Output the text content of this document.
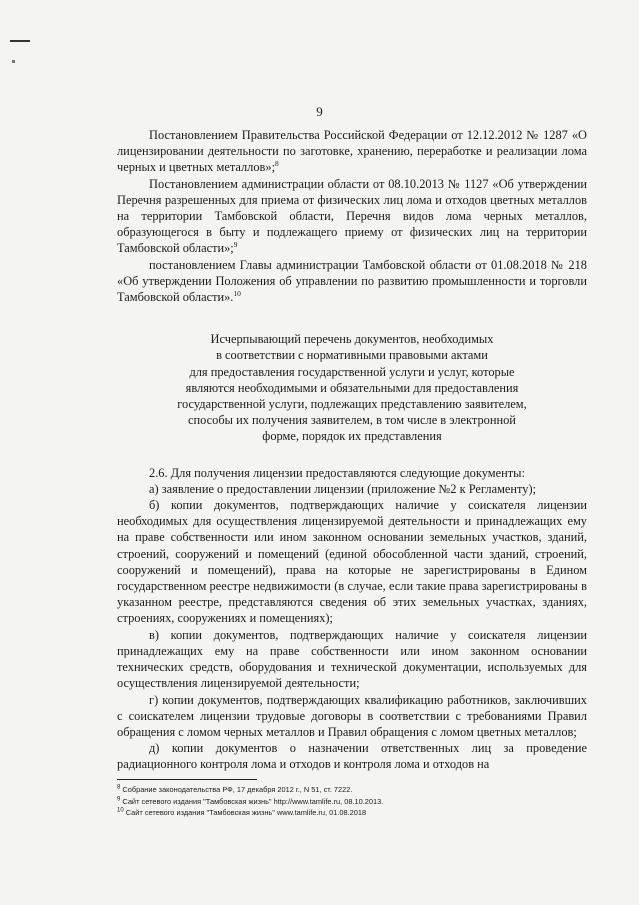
9

Постановлением Правительства Российской Федерации от 12.12.2012 № 1287 «О лицензировании деятельности по заготовке, хранению, переработке и реализации лома черных и цветных металлов»;$^8$

Постановлением администрации области от 08.10.2013 № 1127 «Об утверждении Перечня разрешенных для приема от физических лиц лома и отходов цветных металлов на территории Тамбовской области, Перечня видов лома черных металлов, образующегося в быту и подлежащего приему от физических лиц на территории Тамбовской области»;$^9$

постановлением Главы администрации Тамбовской области от 01.08.2018 № 218 «Об утверждении Положения об управлении по развитию промышленности и торговли Тамбовской области».$^{10}$

Исчерпывающий перечень документов, необходимых
в соответствии с нормативными правовыми актами
для предоставления государственной услуги и услуг, которые
являются необходимыми и обязательными для предоставления
государственной услуги, подлежащих представлению заявителем,
способы их получения заявителем, в том числе в электронной
форме, порядок их представления

2.6. Для получения лицензии предоставляются следующие документы:

а) заявление о предоставлении лицензии (приложение №2 к Регламенту);

б) копии документов, подтверждающих наличие у соискателя лицензии необходимых для осуществления лицензируемой деятельности и принадлежащих ему на праве собственности или ином законном основании земельных участков, зданий, строений, сооружений и помещений (единой обособленной части зданий, строений, сооружений и помещений), права на которые не зарегистрированы в Едином государственном реестре недвижимости (в случае, если такие права зарегистрированы в указанном реестре, представляются сведения об этих земельных участках, зданиях, строениях, сооружениях и помещениях);

в) копии документов, подтверждающих наличие у соискателя лицензии принадлежащих ему на праве собственности или ином законном основании технических средств, оборудования и технической документации, используемых для осуществления лицензируемой деятельности;

г) копии документов, подтверждающих квалификацию работников, заключивших с соискателем лицензии трудовые договоры в соответствии с требованиями Правил обращения с ломом черных металлов и Правил обращения с ломом цветных металлов;

д) копии документов о назначении ответственных лиц за проведение радиационного контроля лома и отходов и контроля лома и отходов на

$^8$ Собрание законодательства РФ, 17 декабря 2012 г., N 51, ст. 7222.
$^9$ Сайт сетевого издания "Тамбовская жизнь" http://www.tamlife.ru, 08.10.2013.
$^{10}$ Сайт сетевого издания "Тамбовская жизнь" www.tamlife.ru, 01.08.2018
